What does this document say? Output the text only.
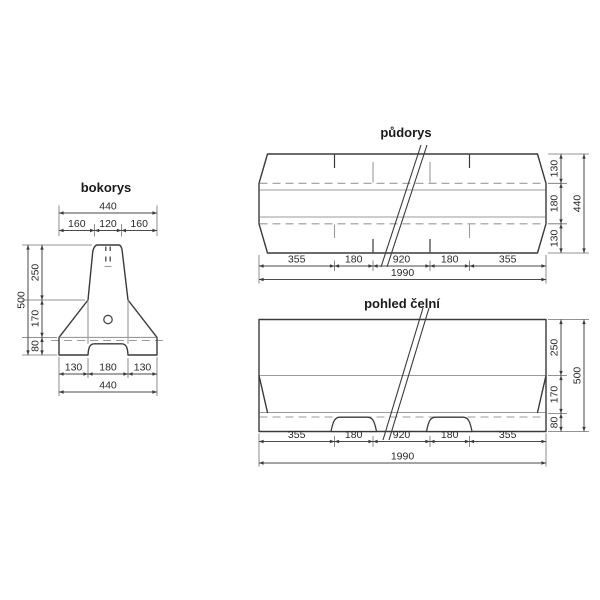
bokorys
440
160 120 160
500
250
170
80
130 180 130
440
půdorys
130
180
130
440
355	180	920	180	355
1990
pohled čelní
250
170
80
500
355	180	920	180	355
1990
